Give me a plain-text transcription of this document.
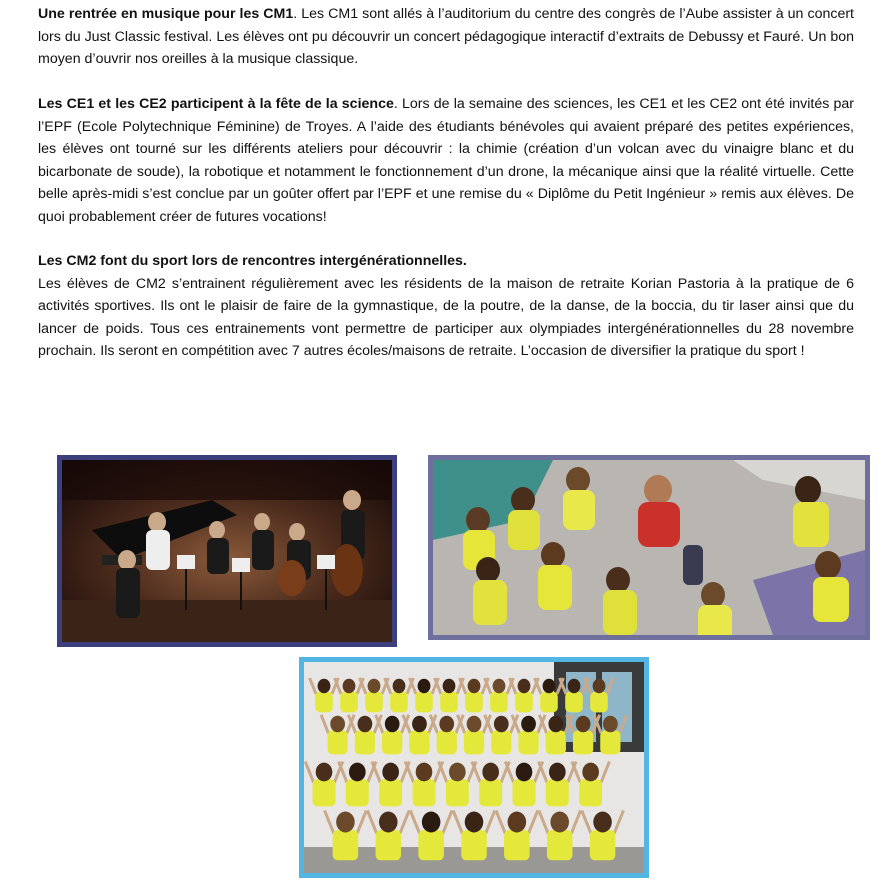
Une rentrée en musique pour les CM1. Les CM1 sont allés à l’auditorium du centre des congrès de l’Aube assister à un concert lors du Just Classic festival. Les élèves ont pu découvrir un concert pédagogique interactif d’extraits de Debussy et Fauré. Un bon moyen d’ouvrir nos oreilles à la musique classique.

Les CE1 et les CE2 participent à la fête de la science. Lors de la semaine des sciences, les CE1 et les CE2 ont été invités par l’EPF (Ecole Polytechnique Féminine) de Troyes. A l’aide des étudiants bénévoles qui avaient préparé des petites expériences, les élèves ont tourné sur les différents ateliers pour découvrir : la chimie (création d’un volcan avec du vinaigre blanc et du bicarbonate de soude), la robotique et notamment le fonctionnement d’un drone, la mécanique ainsi que la réalité virtuelle. Cette belle après-midi s’est conclue par un goûter offert par l’EPF et une remise du « Diplôme du Petit Ingénieur » remis aux élèves. De quoi probablement créer de futures vocations!

Les CM2 font du sport lors de rencontres intergénérationnelles.

Les élèves de CM2 s’entrainent régulièrement avec les résidents de la maison de retraite Korian Pastoria à la pratique de 6 activités sportives. Ils ont le plaisir de faire de la gymnastique, de la poutre, de la danse, de la boccia, du tir laser ainsi que du lancer de poids. Tous ces entrainements vont permettre de participer aux olympiades intergénérationnelles du 28 novembre prochain. Ils seront en compétition avec 7 autres écoles/maisons de retraite. L’occasion de diversifier la pratique du sport !
